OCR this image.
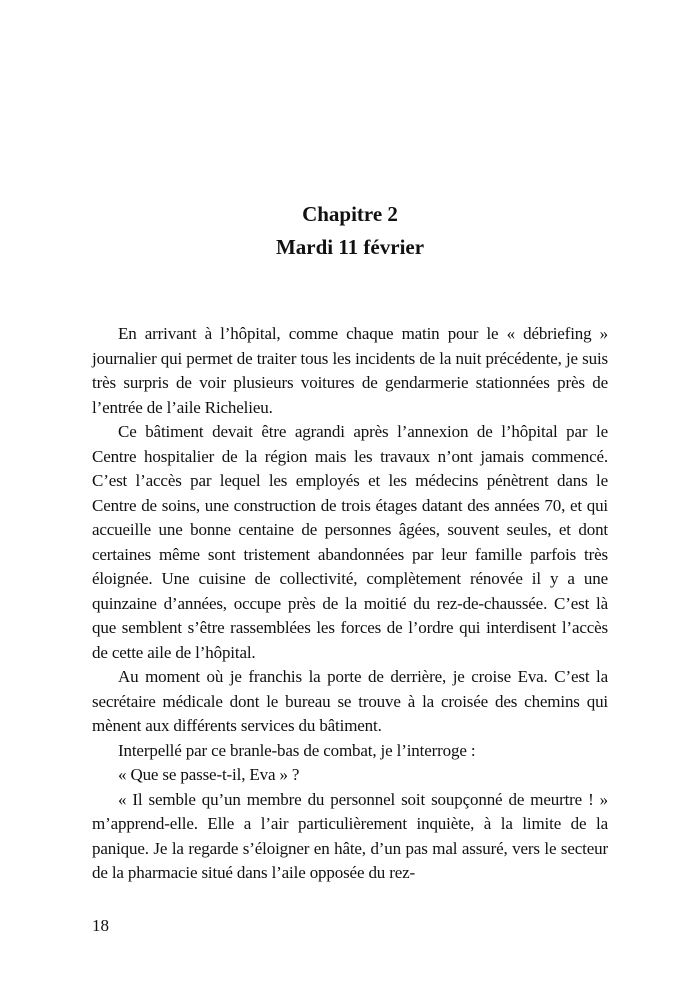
Chapitre 2
Mardi 11 février

En arrivant à l’hôpital, comme chaque matin pour le « débriefing » journalier qui permet de traiter tous les incidents de la nuit précédente, je suis très surpris de voir plusieurs voitures de gendarmerie stationnées près de l’entrée de l’aile Richelieu.

Ce bâtiment devait être agrandi après l’annexion de l’hôpital par le Centre hospitalier de la région mais les travaux n’ont jamais commencé. C’est l’accès par lequel les employés et les médecins pénètrent dans le Centre de soins, une construction de trois étages datant des années 70, et qui accueille une bonne centaine de personnes âgées, souvent seules, et dont certaines même sont tristement abandonnées par leur famille parfois très éloignée. Une cuisine de collectivité, complètement rénovée il y a une quinzaine d’années, occupe près de la moitié du rez-de-chaussée. C’est là que semblent s’être rassemblées les forces de l’ordre qui interdisent l’accès de cette aile de l’hôpital.

Au moment où je franchis la porte de derrière, je croise Eva. C’est la secrétaire médicale dont le bureau se trouve à la croisée des chemins qui mènent aux différents services du bâtiment.

Interpellé par ce branle-bas de combat, je l’interroge :

« Que se passe-t-il, Eva » ?

« Il semble qu’un membre du personnel soit soupçonné de meurtre ! » m’apprend-elle. Elle a l’air particulièrement inquiète, à la limite de la panique. Je la regarde s’éloigner en hâte, d’un pas mal assuré, vers le secteur de la pharmacie situé dans l’aile opposée du rez-

18
